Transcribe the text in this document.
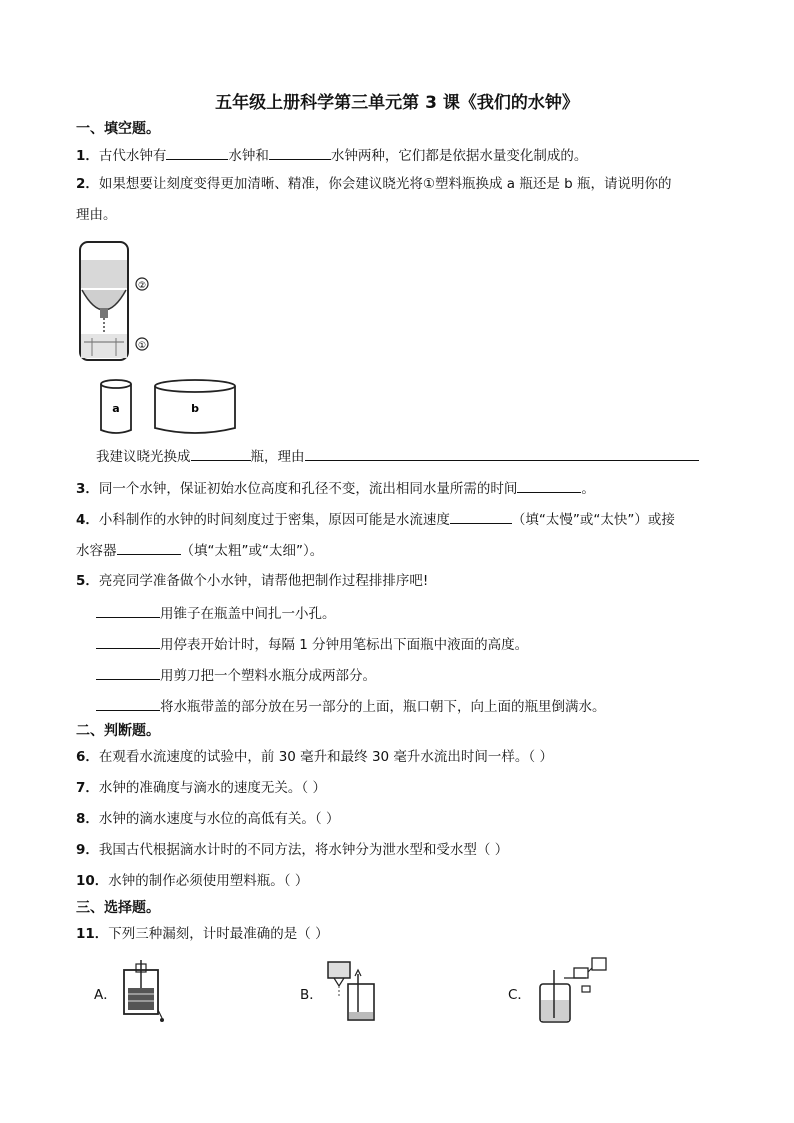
五年级上册科学第三单元第 3 课《我们的水钟》
一、填空题。
1．古代水钟有	水钟和	水钟两种，它们都是依据水量变化制成的。
2．如果想要让刻度变得更加清晰、精准，你会建议晓光将①塑料瓶换成 a 瓶还是 b 瓶，请说明你的
理由。
②
①
a	b
我建议晓光换成	瓶，理由
3．同一个水钟，保证初始水位高度和孔径不变，流出相同水量所需的时间	。
4．小科制作的水钟的时间刻度过于密集，原因可能是水流速度	（填“太慢”或“太快”）或接
水容器	（填“太粗”或“太细”）。
5．亮亮同学准备做个小水钟，请帮他把制作过程排排序吧!
用锥子在瓶盖中间扎一小孔。
用停表开始计时，每隔 1 分钟用笔标出下面瓶中液面的高度。
用剪刀把一个塑料水瓶分成两部分。
将水瓶带盖的部分放在另一部分的上面，瓶口朝下，向上面的瓶里倒满水。
二、判断题。
6．在观看水流速度的试验中，前 30 毫升和最终 30 毫升水流出时间一样。（ ）
7．水钟的准确度与滴水的速度无关。（ ）
8．水钟的滴水速度与水位的高低有关。（ ）
9．我国古代根据滴水计时的不同方法，将水钟分为泄水型和受水型（ ）
10．水钟的制作必须使用塑料瓶。（ ）
三、选择题。
11．下列三种漏刻，计时最准确的是（ ）
A．	B．	C．
